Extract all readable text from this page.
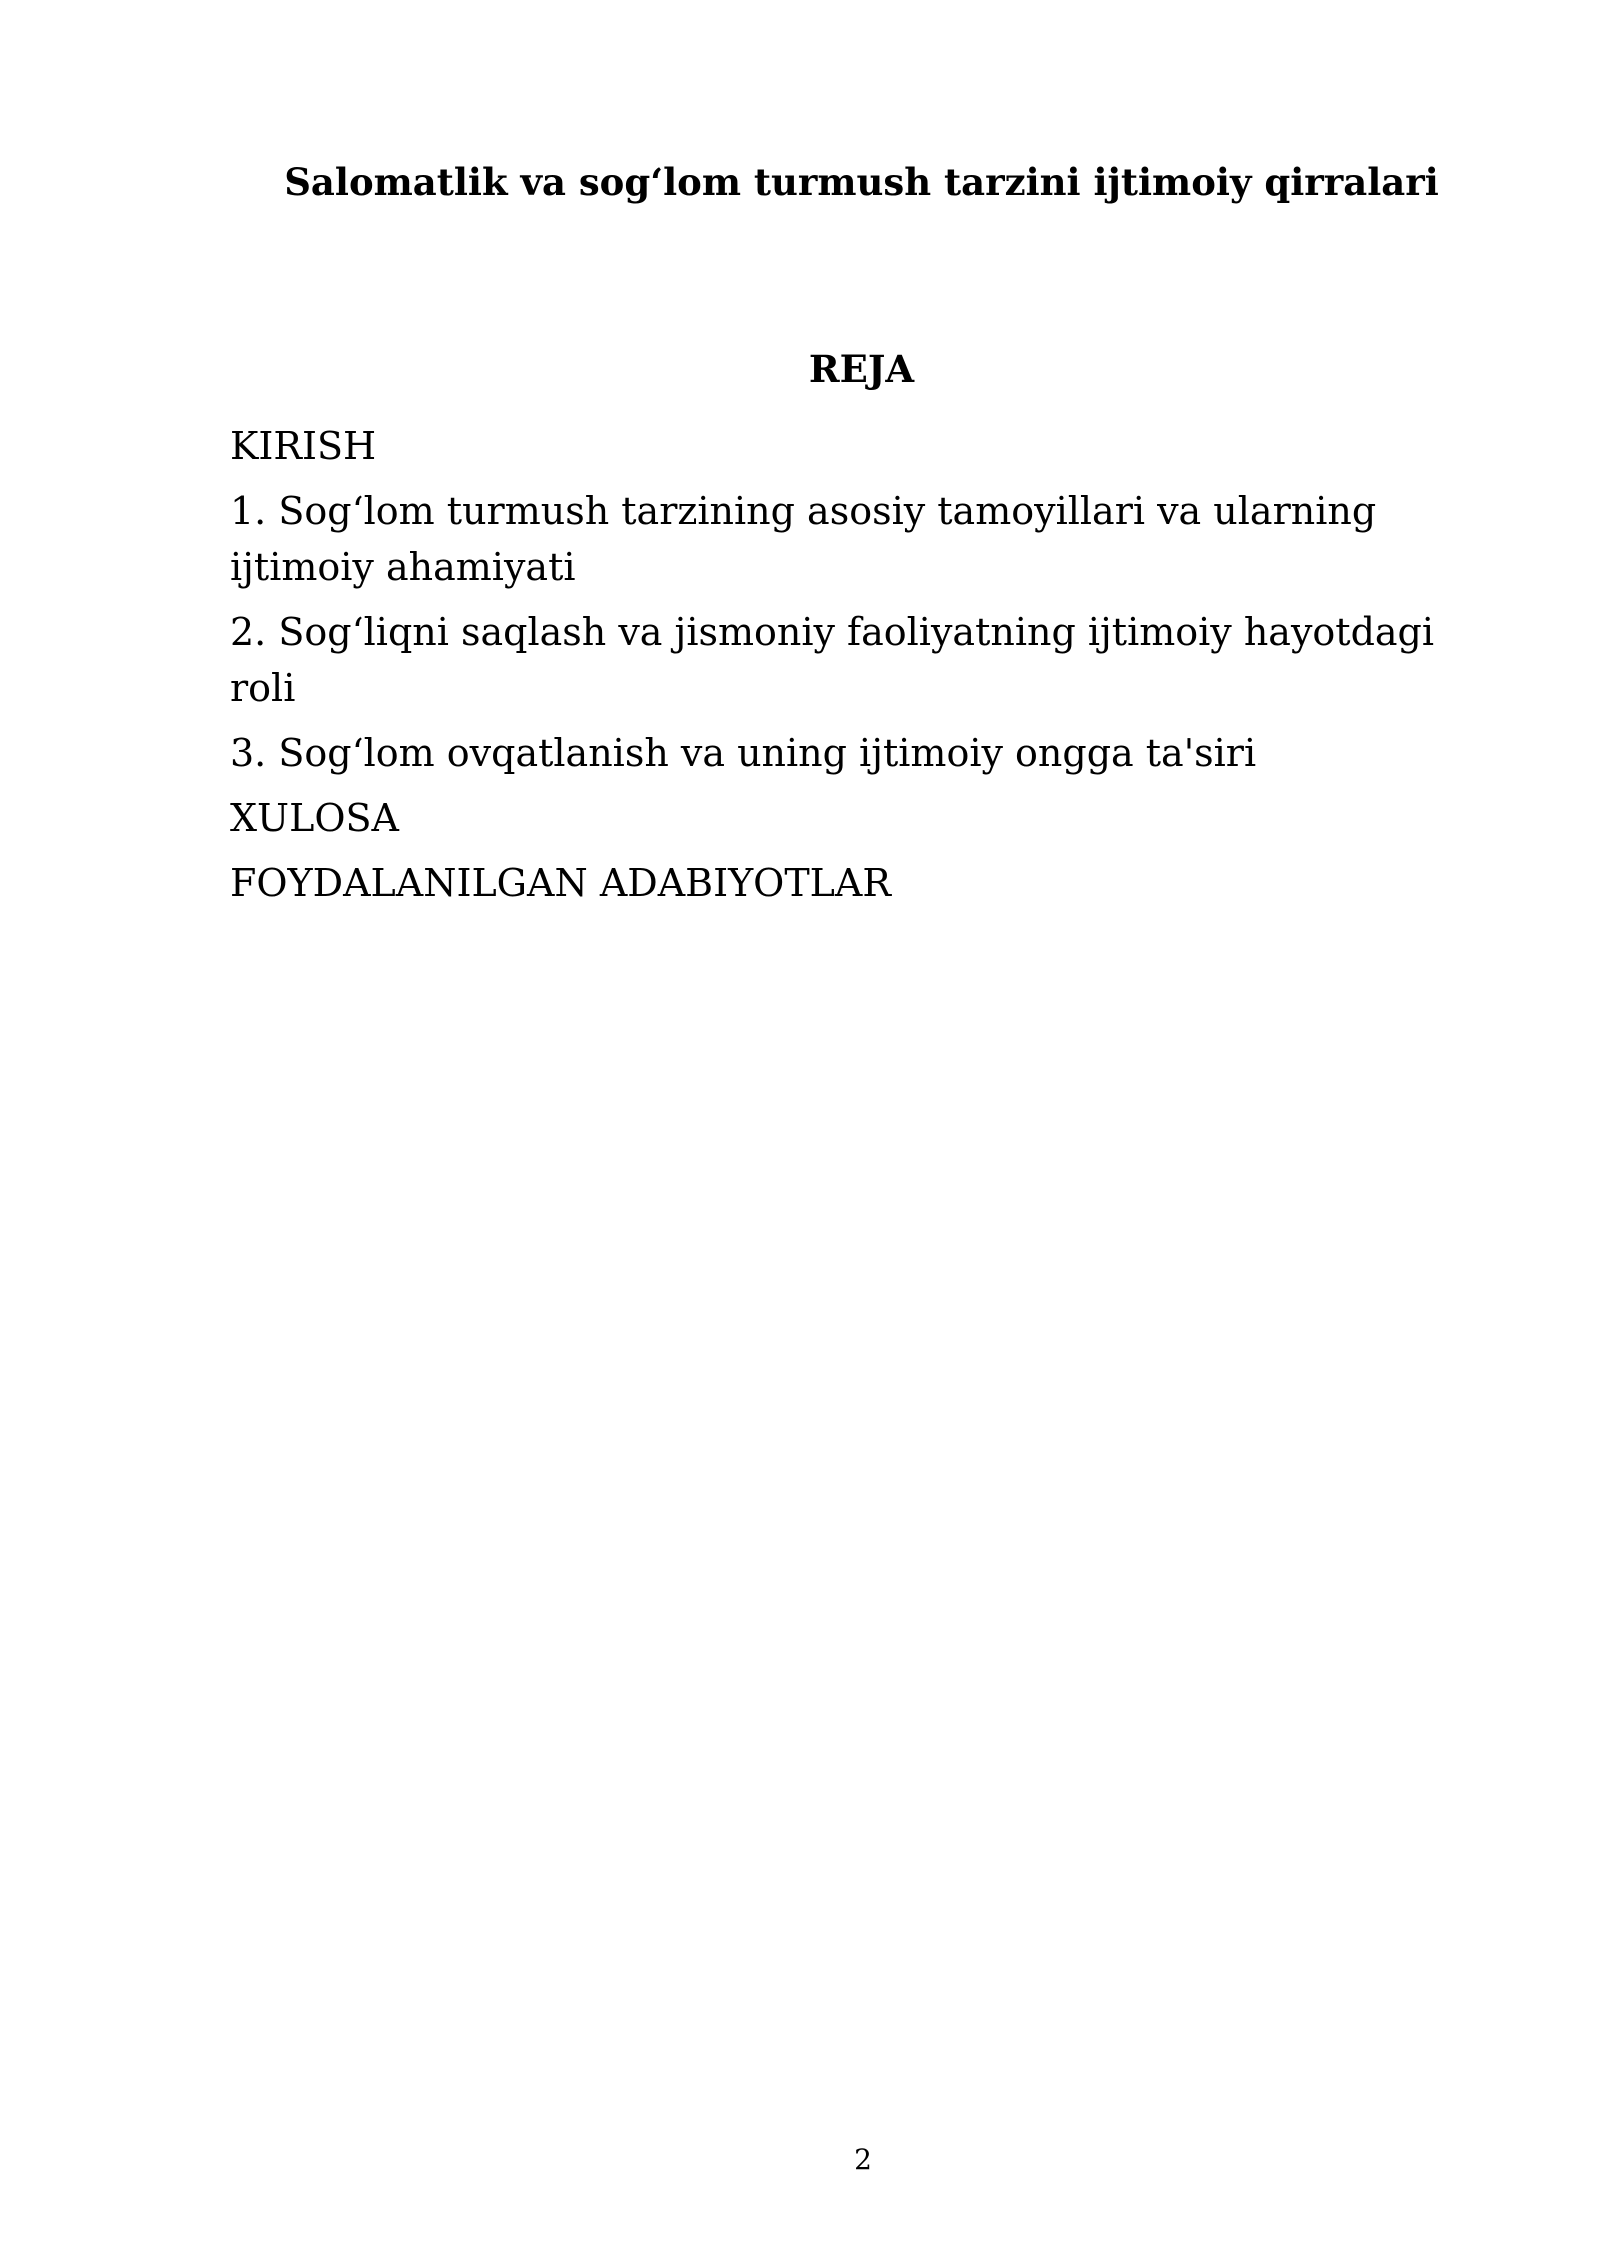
Salomatlik va sog‘lom turmush tarzini ijtimoiy qirralari
REJA
KIRISH
1. Sog‘lom turmush tarzining asosiy tamoyillari va ularning ijtimoiy ahamiyati
2. Sog‘liqni saqlash va jismoniy faoliyatning ijtimoiy hayotdagi roli
3. Sog‘lom ovqatlanish va uning ijtimoiy ongga ta'siri
XULOSA
FOYDALANILGAN ADABIYOTLAR
2
